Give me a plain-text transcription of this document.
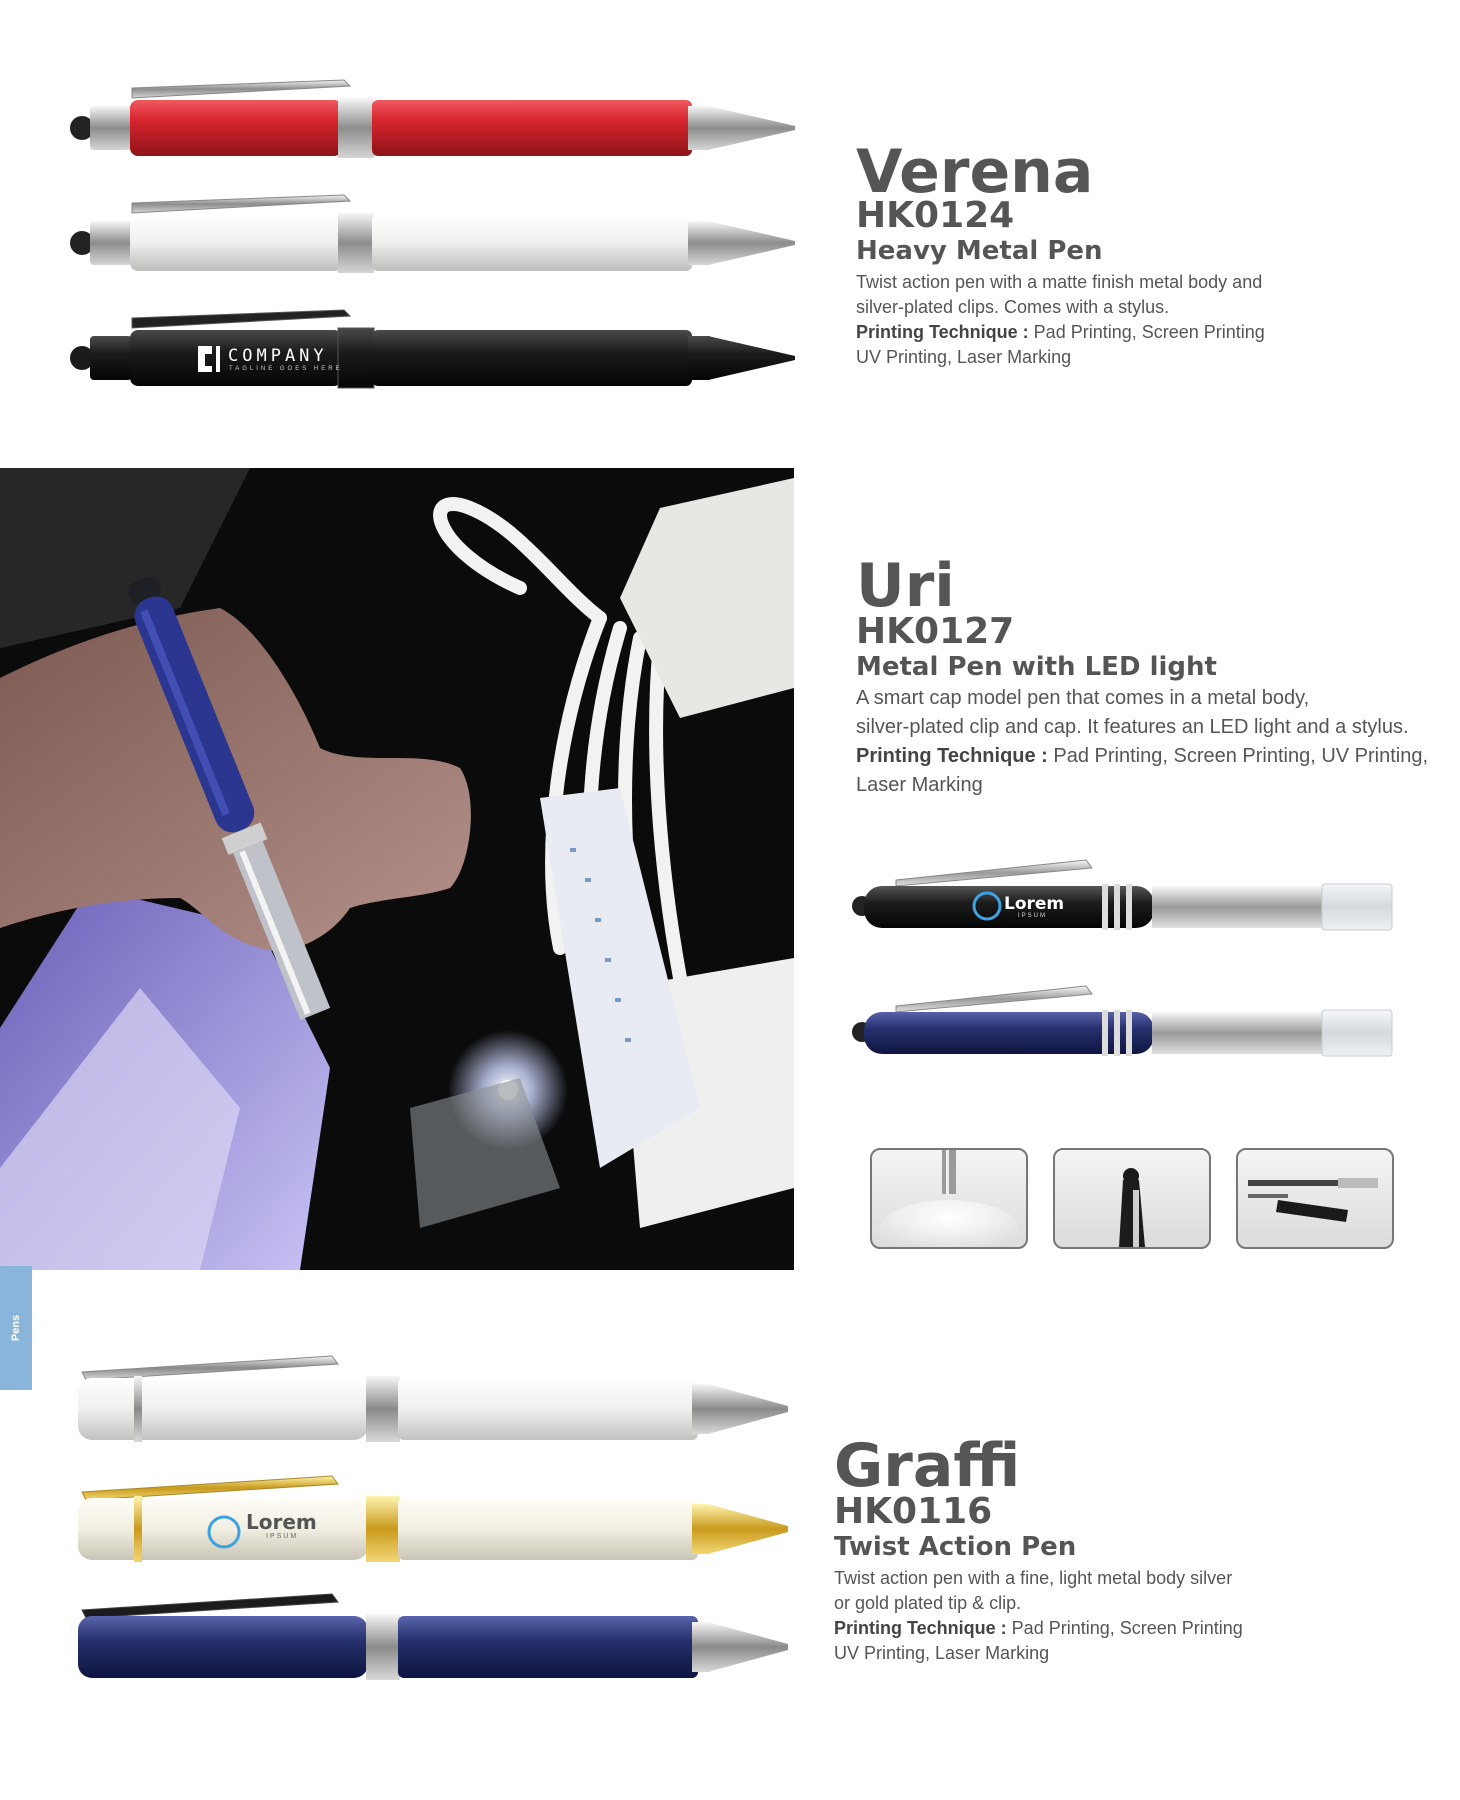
COMPANY
TAGLINE GOES HERE
Verena
HK0124
Heavy Metal Pen
Twist action pen with a matte finish metal body and
silver-plated clips. Comes with a stylus.
Printing Technique : Pad Printing, Screen Printing
UV Printing, Laser Marking
Uri
HK0127
Metal Pen with LED light
A smart cap model pen that comes in a metal body,
silver-plated clip and cap. It features an LED light and a stylus.
Printing Technique : Pad Printing, Screen Printing, UV Printing,
Laser Marking
Lorem
IPSUM
Pens
Lorem
IPSUM
Graffi
HK0116
Twist Action Pen
Twist action pen with a fine, light metal body silver
or gold plated tip & clip.
Printing Technique : Pad Printing, Screen Printing
UV Printing, Laser Marking
